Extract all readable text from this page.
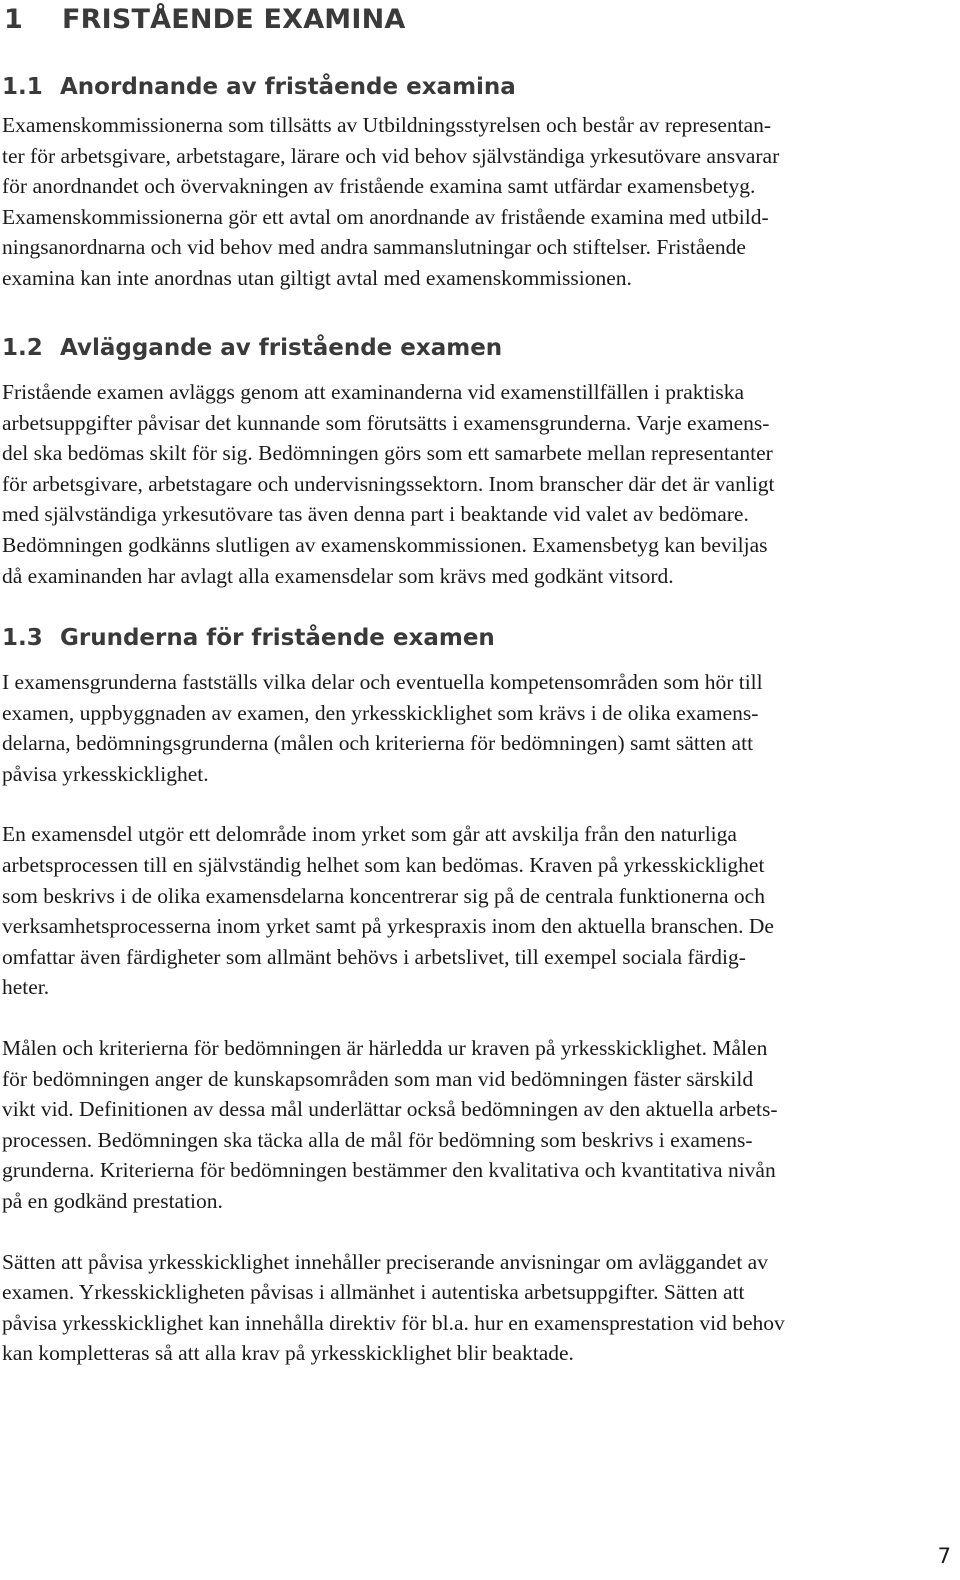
1 FRISTÅENDE EXAMINA
1.1 Anordnande av fristående examina

Examenskommissionerna som tillsätts av Utbildningsstyrelsen och består av representan-
ter för arbetsgivare, arbetstagare, lärare och vid behov självständiga yrkesutövare ansvarar
för anordnandet och övervakningen av fristående examina samt utfärdar examensbetyg.
Examenskommissionerna gör ett avtal om anordnande av fristående examina med utbild-
ningsanordnarna och vid behov med andra sammanslutningar och stiftelser. Fristående
examina kan inte anordnas utan giltigt avtal med examenskommissionen.

1.2 Avläggande av fristående examen

Fristående examen avläggs genom att examinanderna vid examenstillfällen i praktiska
arbetsuppgifter påvisar det kunnande som förutsätts i examensgrunderna. Varje examens-
del ska bedömas skilt för sig. Bedömningen görs som ett samarbete mellan representanter
för arbetsgivare, arbetstagare och undervisningssektorn. Inom branscher där det är vanligt
med självständiga yrkesutövare tas även denna part i beaktande vid valet av bedömare.
Bedömningen godkänns slutligen av examenskommissionen. Examensbetyg kan beviljas
då examinanden har avlagt alla examensdelar som krävs med godkänt vitsord.

1.3 Grunderna för fristående examen

I examensgrunderna fastställs vilka delar och eventuella kompetensområden som hör till
examen, uppbyggnaden av examen, den yrkesskicklighet som krävs i de olika examens-
delarna, bedömningsgrunderna (målen och kriterierna för bedömningen) samt sätten att
påvisa yrkesskicklighet.

En examensdel utgör ett delområde inom yrket som går att avskilja från den naturliga
arbetsprocessen till en självständig helhet som kan bedömas. Kraven på yrkesskicklighet
som beskrivs i de olika examensdelarna koncentrerar sig på de centrala funktionerna och
verksamhetsprocesserna inom yrket samt på yrkespraxis inom den aktuella branschen. De
omfattar även färdigheter som allmänt behövs i arbetslivet, till exempel sociala färdig-
heter.

Målen och kriterierna för bedömningen är härledda ur kraven på yrkesskicklighet. Målen
för bedömningen anger de kunskapsområden som man vid bedömningen fäster särskild
vikt vid. Definitionen av dessa mål underlättar också bedömningen av den aktuella arbets-
processen. Bedömningen ska täcka alla de mål för bedömning som beskrivs i examens-
grunderna. Kriterierna för bedömningen bestämmer den kvalitativa och kvantitativa nivån
på en godkänd prestation.

Sätten att påvisa yrkesskicklighet innehåller preciserande anvisningar om avläggandet av
examen. Yrkesskickligheten påvisas i allmänhet i autentiska arbetsuppgifter. Sätten att
påvisa yrkesskicklighet kan innehålla direktiv för bl.a. hur en examensprestation vid behov
kan kompletteras så att alla krav på yrkesskicklighet blir beaktade.

7
